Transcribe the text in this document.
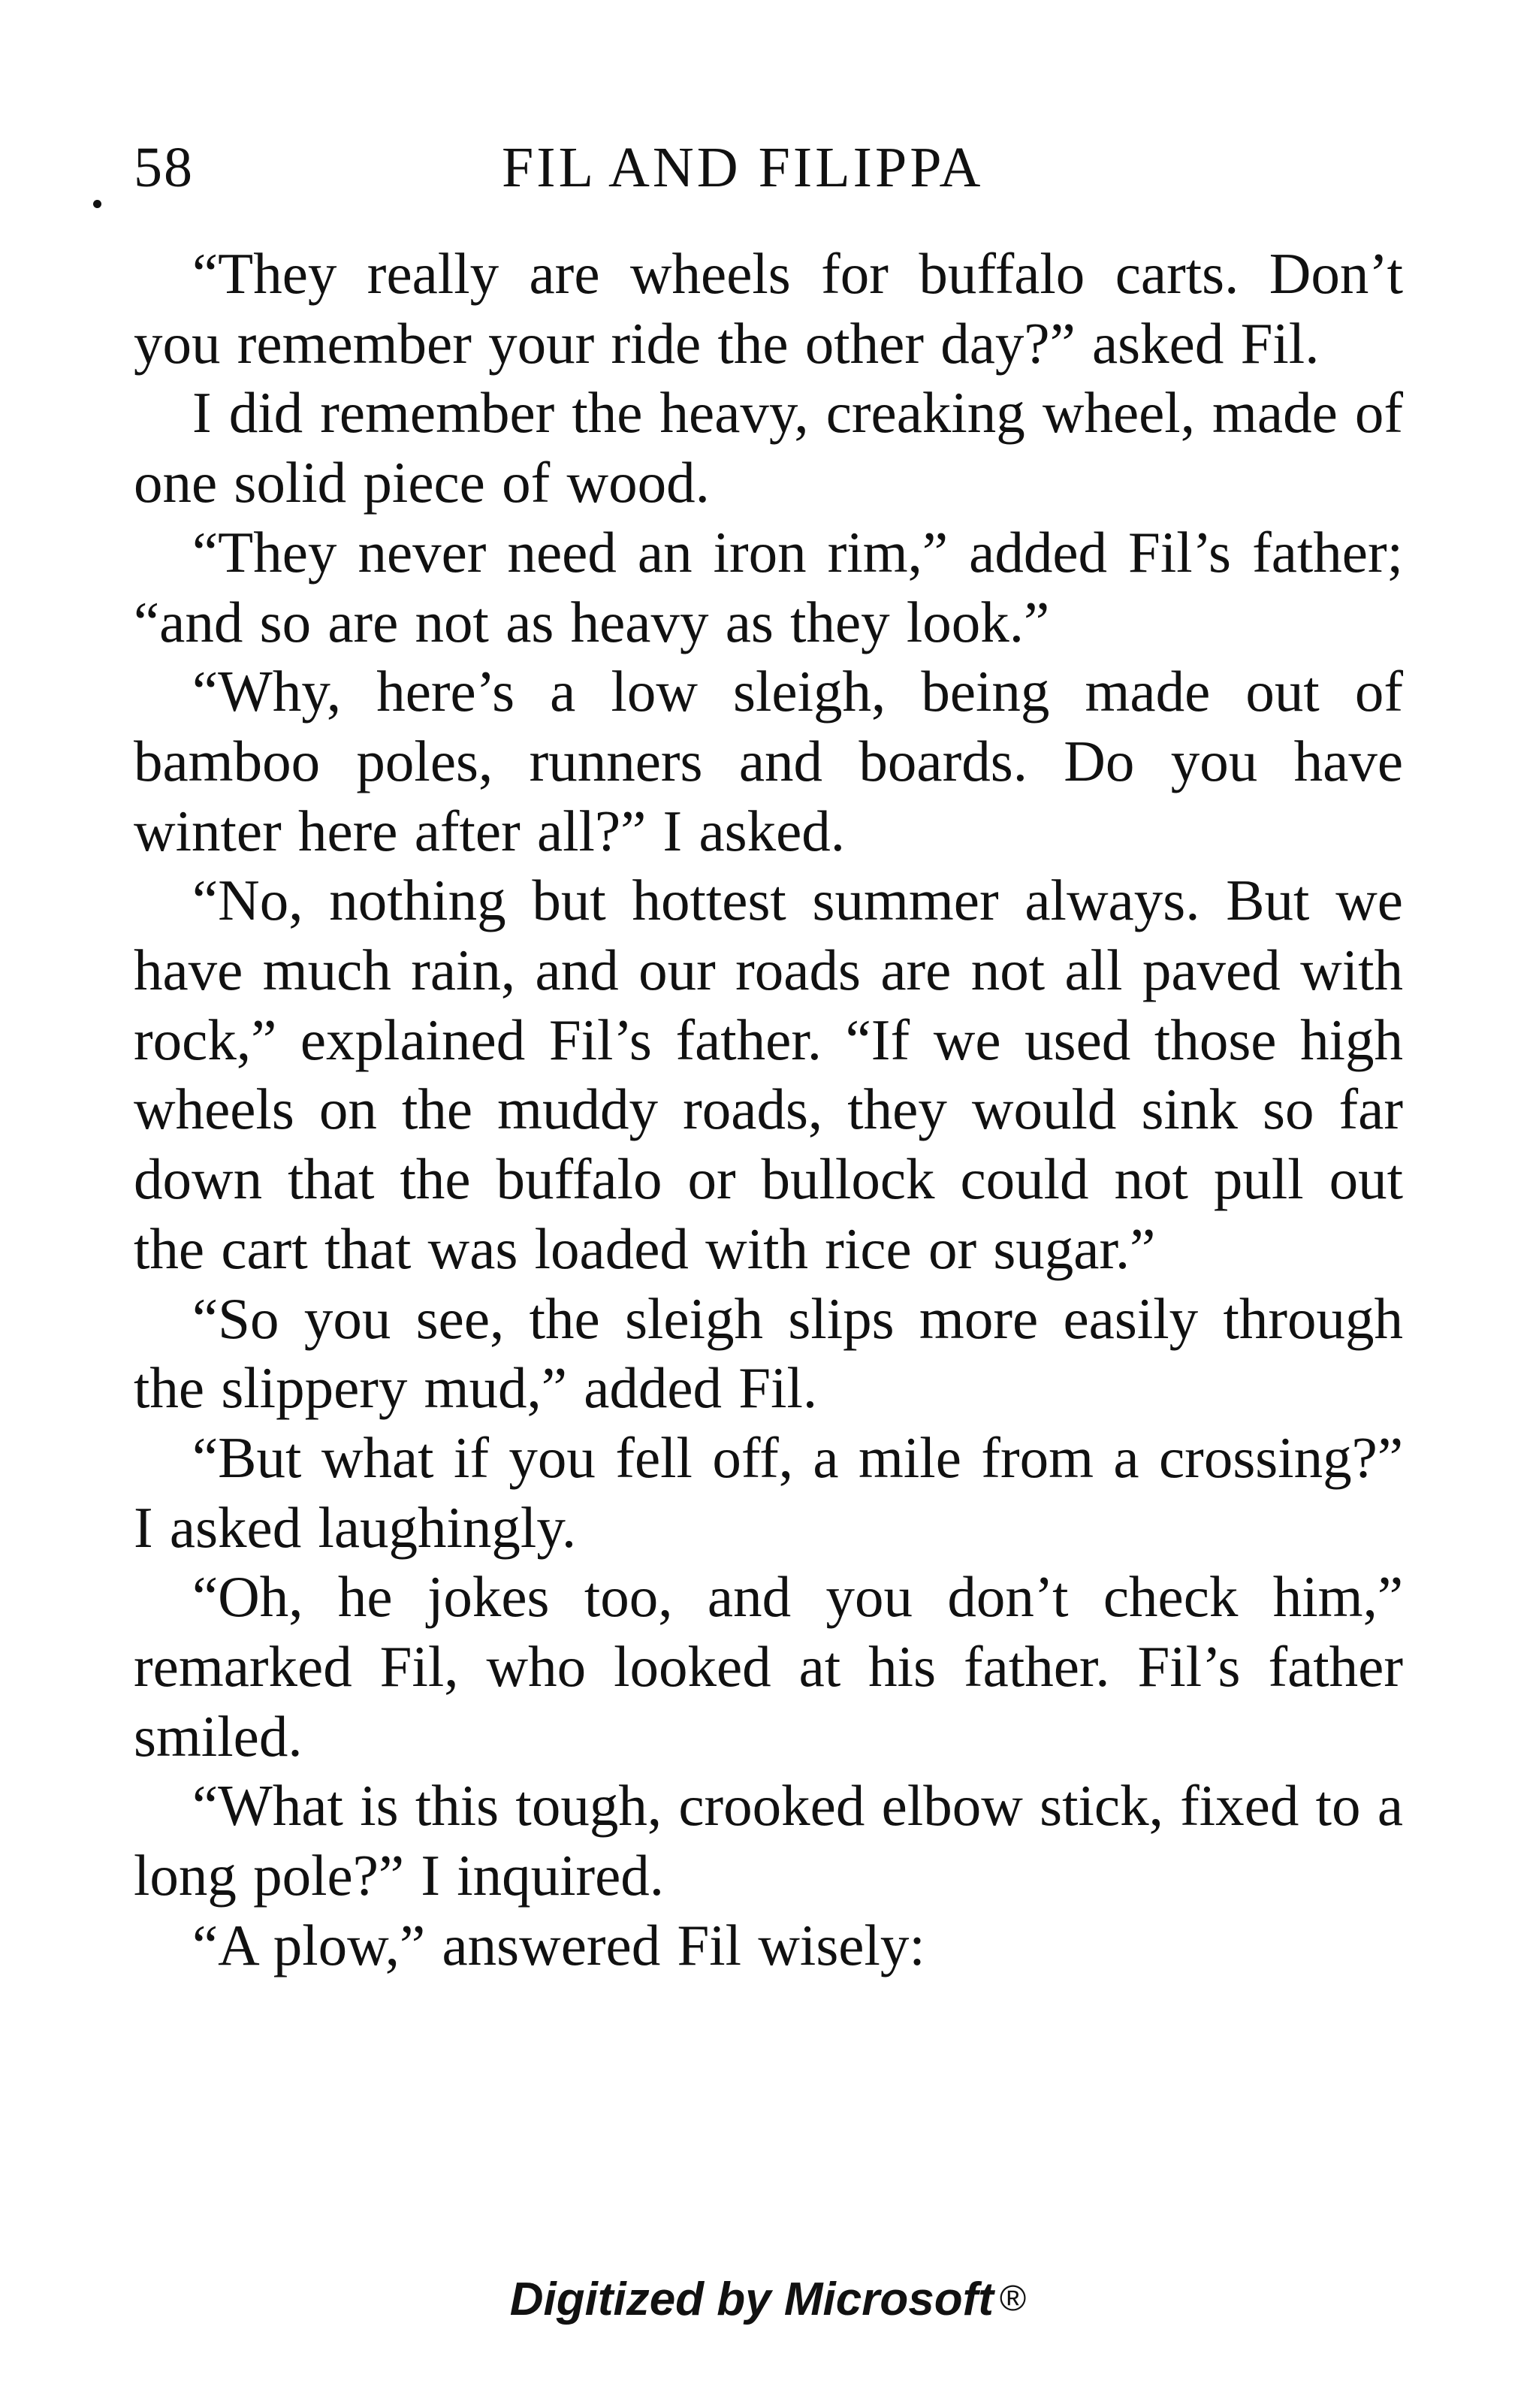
58	FIL AND FILIPPA

“They really are wheels for buffalo carts. Don’t you remember your ride the other day?” asked Fil.

I did remember the heavy, creaking wheel, made of one solid piece of wood.

“They never need an iron rim,” added Fil’s father; “and so are not as heavy as they look.”

“Why, here’s a low sleigh, being made out of bamboo poles, runners and boards. Do you have winter here after all?” I asked.

“No, nothing but hottest summer always. But we have much rain, and our roads are not all paved with rock,” explained Fil’s father. “If we used those high wheels on the muddy roads, they would sink so far down that the buffalo or bullock could not pull out the cart that was loaded with rice or sugar.”

“So you see, the sleigh slips more easily through the slippery mud,” added Fil.

“But what if you fell off, a mile from a crossing?” I asked laughingly.

“Oh, he jokes too, and you don’t check him,” remarked Fil, who looked at his father. Fil’s father smiled.

“What is this tough, crooked elbow stick, fixed to a long pole?” I inquired.

“A plow,” answered Fil wisely:

Digitized by Microsoft ®
